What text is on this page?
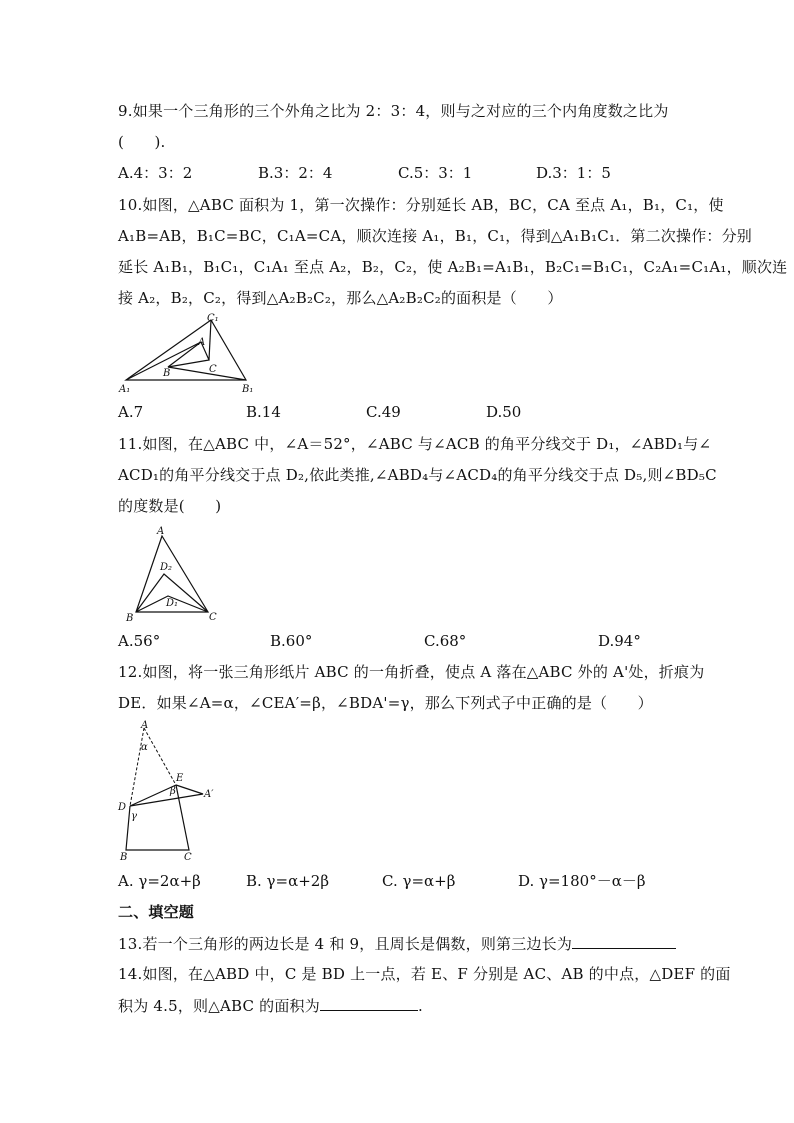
9.如果一个三角形的三个外角之比为 2：3：4，则与之对应的三个内角度数之比为
(　　).
A.4：3：2	B.3：2：4	C.5：3：1	D.3：1：5
10.如图，△ABC 面积为 1，第一次操作：分别延长 AB，BC，CA 至点 A₁，B₁，C₁，使
A₁B=AB，B₁C=BC，C₁A=CA，顺次连接 A₁，B₁，C₁，得到△A₁B₁C₁．第二次操作：分别
延长 A₁B₁，B₁C₁，C₁A₁ 至点 A₂，B₂，C₂，使 A₂B₁=A₁B₁，B₂C₁=B₁C₁，C₂A₁=C₁A₁，顺次连
接 A₂，B₂，C₂，得到△A₂B₂C₂，那么△A₂B₂C₂的面积是（　　）
C₁
A
B	C
A₁	B₁
A.7	B.14	C.49	D.50
11.如图，在△ABC 中，∠A＝52°，∠ABC 与∠ACB 的角平分线交于 D₁，∠ABD₁与∠
ACD₁的角平分线交于点 D₂,依此类推,∠ABD₄与∠ACD₄的角平分线交于点 D₅,则∠BD₅C
的度数是(　　)
A
D₂
D₁
B	C
A.56°	B.60°	C.68°	D.94°
12.如图，将一张三角形纸片 ABC 的一角折叠，使点 A 落在△ABC 外的 A'处，折痕为
DE．如果∠A=α，∠CEA′=β，∠BDA'=γ，那么下列式子中正确的是（　　）
A
α
E
β	A′
D
γ
B	C
A. γ=2α+β	B. γ=α+2β	C. γ=α+β	D. γ=180°－α－β
二、填空题
13.若一个三角形的两边长是 4 和 9，且周长是偶数，则第三边长为
14.如图，在△ABD 中，C 是 BD 上一点，若 E、F 分别是 AC、AB 的中点，△DEF 的面
积为 4.5，则△ABC 的面积为	.
